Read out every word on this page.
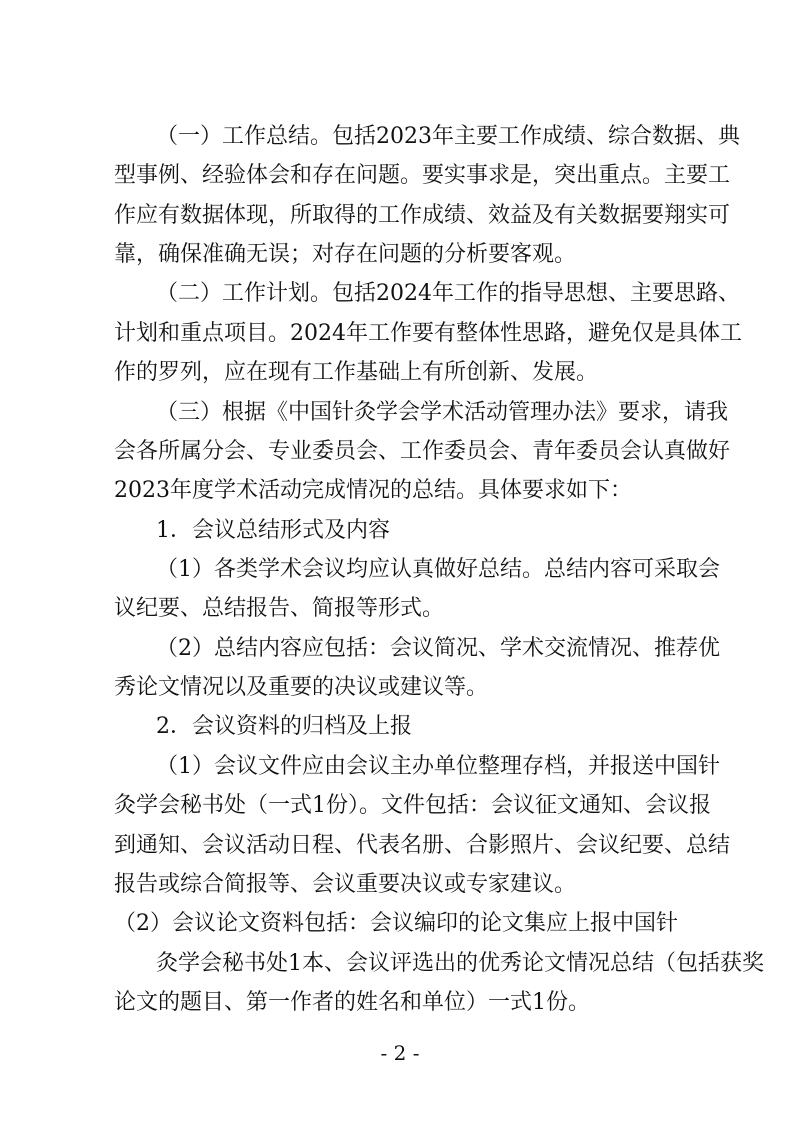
（一）工作总结。包括2023年主要工作成绩、综合数据、典

型事例、经验体会和存在问题。要实事求是，突出重点。主要工

作应有数据体现，所取得的工作成绩、效益及有关数据要翔实可

靠，确保准确无误；对存在问题的分析要客观。

（二）工作计划。包括2024年工作的指导思想、主要思路、

计划和重点项目。2024年工作要有整体性思路，避免仅是具体工

作的罗列，应在现有工作基础上有所创新、发展。

（三）根据《中国针灸学会学术活动管理办法》要求，请我

会各所属分会、专业委员会、工作委员会、青年委员会认真做好

2023年度学术活动完成情况的总结。具体要求如下：

1．会议总结形式及内容

（1）各类学术会议均应认真做好总结。总结内容可采取会

议纪要、总结报告、简报等形式。

（2）总结内容应包括：会议简况、学术交流情况、推荐优

秀论文情况以及重要的决议或建议等。

2．会议资料的归档及上报

（1）会议文件应由会议主办单位整理存档，并报送中国针

灸学会秘书处（一式1份）。文件包括：会议征文通知、会议报

到通知、会议活动日程、代表名册、合影照片、会议纪要、总结

报告或综合简报等、会议重要决议或专家建议。

（2）会议论文资料包括：会议编印的论文集应上报中国针

灸学会秘书处1本、会议评选出的优秀论文情况总结（包括获奖

论文的题目、第一作者的姓名和单位）一式1份。

- 2 -
